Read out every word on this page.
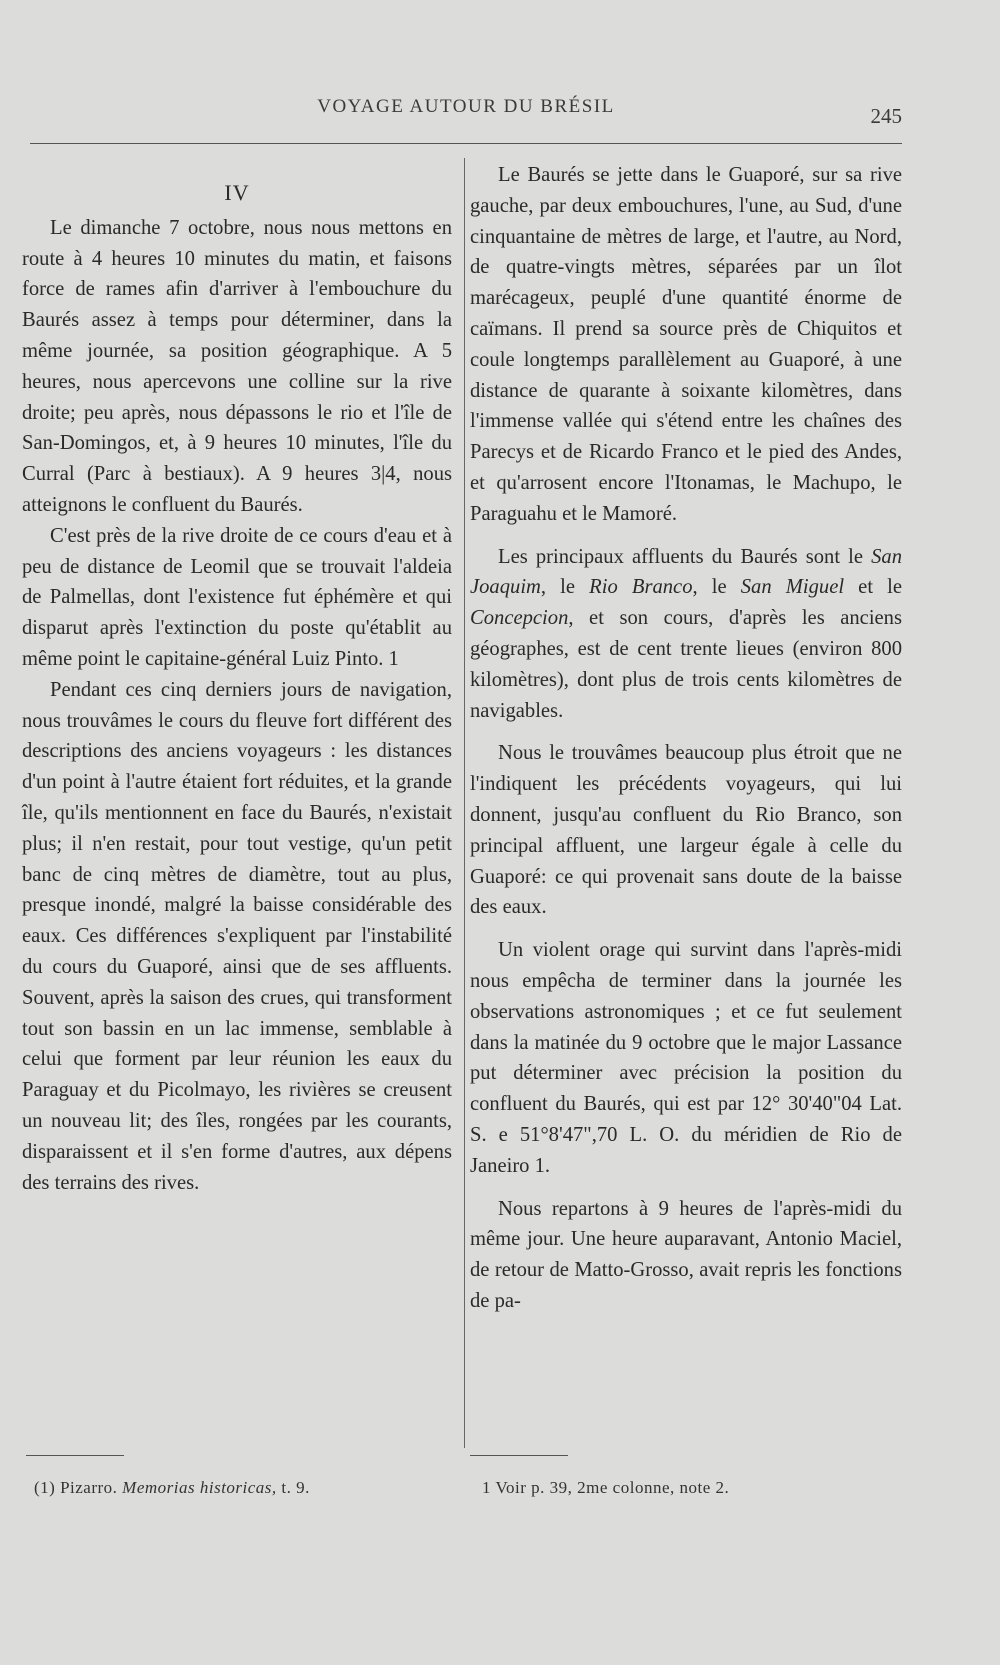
VOYAGE AUTOUR DU BRÉSIL	245
IV

Le dimanche 7 octobre, nous nous mettons en route à 4 heures 10 minutes du matin, et faisons force de rames afin d'arriver à l'embouchure du Baurés assez à temps pour déterminer, dans la même journée, sa position géographique. A 5 heures, nous apercevons une colline sur la rive droite; peu après, nous dépassons le rio et l'île de San-Domingos, et, à 9 heures 10 minutes, l'île du Curral (Parc à bestiaux). A 9 heures 3|4, nous atteignons le confluent du Baurés.

C'est près de la rive droite de ce cours d'eau et à peu de distance de Leomil que se trouvait l'aldeia de Palmellas, dont l'existence fut éphémère et qui disparut après l'extinction du poste qu'établit au même point le capitaine-général Luiz Pinto. 1

Pendant ces cinq derniers jours de navigation, nous trouvâmes le cours du fleuve fort différent des descriptions des anciens voyageurs : les distances d'un point à l'autre étaient fort réduites, et la grande île, qu'ils mentionnent en face du Baurés, n'existait plus; il n'en restait, pour tout vestige, qu'un petit banc de cinq mètres de diamètre, tout au plus, presque inondé, malgré la baisse considérable des eaux. Ces différences s'expliquent par l'instabilité du cours du Guaporé, ainsi que de ses affluents. Souvent, après la saison des crues, qui transforment tout son bassin en un lac immense, semblable à celui que forment par leur réunion les eaux du Paraguay et du Picolmayo, les rivières se creusent un nouveau lit; des îles, rongées par les courants, disparaissent et il s'en forme d'autres, aux dépens des terrains des rives.

Le Baurés se jette dans le Guaporé, sur sa rive gauche, par deux embouchures, l'une, au Sud, d'une cinquantaine de mètres de large, et l'autre, au Nord, de quatre-vingts mètres, séparées par un îlot marécageux, peuplé d'une quantité énorme de caïmans. Il prend sa source près de Chiquitos et coule longtemps parallèlement au Guaporé, à une distance de quarante à soixante kilomètres, dans l'immense vallée qui s'étend entre les chaînes des Parecys et de Ricardo Franco et le pied des Andes, et qu'arrosent encore l'Itonamas, le Machupo, le Paraguahu et le Mamoré.

Les principaux affluents du Baurés sont le San Joaquim, le Rio Branco, le San Miguel et le Concepcion, et son cours, d'après les anciens géographes, est de cent trente lieues (environ 800 kilomètres), dont plus de trois cents kilomètres de navigables.

Nous le trouvâmes beaucoup plus étroit que ne l'indiquent les précédents voyageurs, qui lui donnent, jusqu'au confluent du Rio Branco, son principal affluent, une largeur égale à celle du Guaporé: ce qui provenait sans doute de la baisse des eaux.

Un violent orage qui survint dans l'après-midi nous empêcha de terminer dans la journée les observations astronomiques ; et ce fut seulement dans la matinée du 9 octobre que le major Lassance put déterminer avec précision la position du confluent du Baurés, qui est par 12° 30'40"04 Lat. S. e 51°8'47",70 L. O. du méridien de Rio de Janeiro 1.

Nous repartons à 9 heures de l'après-midi du même jour. Une heure auparavant, Antonio Maciel, de retour de Matto-Grosso, avait repris les fonctions de pa-

(1) Pizarro. Memorias historicas, t. 9.	1 Voir p. 39, 2me colonne, note 2.
